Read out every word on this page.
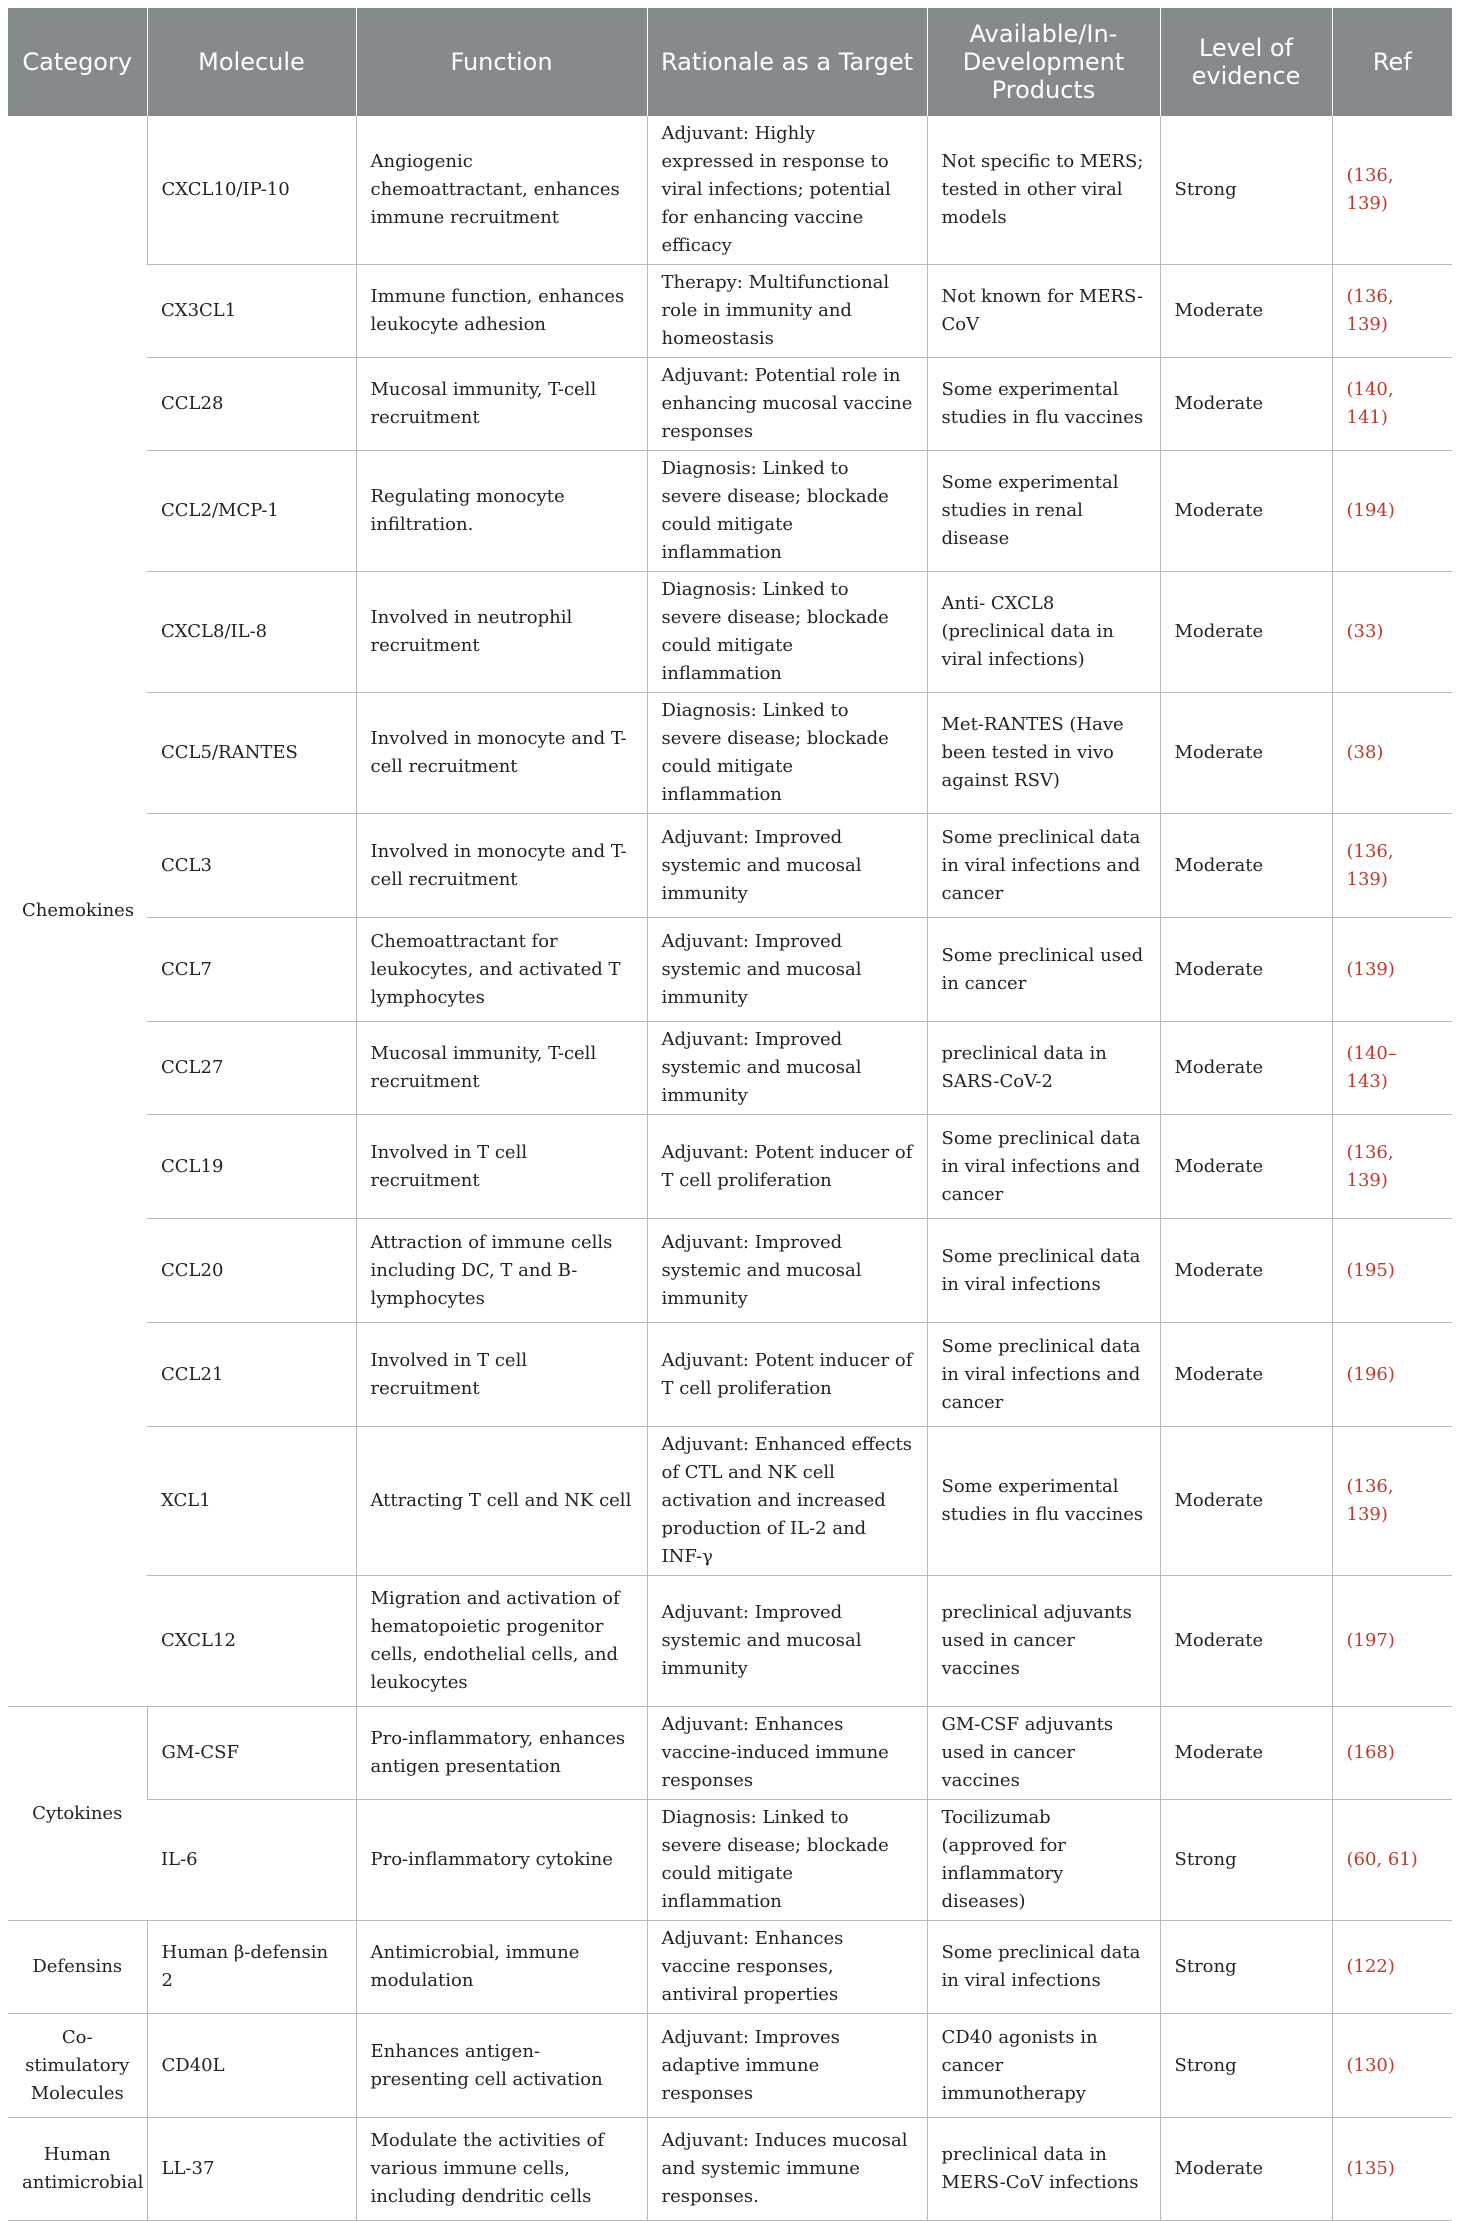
Category	Molecule	Function	Rationale as a Target	Available/In-Development Products	Level of evidence	Ref
Chemokines	CXCL10/IP-10	Angiogenic chemoattractant, enhances immune recruitment	Adjuvant: Highly expressed in response to viral infections; potential for enhancing vaccine efficacy	Not specific to MERS; tested in other viral models	Strong	(136, 139)
	CX3CL1	Immune function, enhances leukocyte adhesion	Therapy: Multifunctional role in immunity and homeostasis	Not known for MERS-CoV	Moderate	(136, 139)
	CCL28	Mucosal immunity, T-cell recruitment	Adjuvant: Potential role in enhancing mucosal vaccine responses	Some experimental studies in flu vaccines	Moderate	(140, 141)
	CCL2/MCP-1	Regulating monocyte infiltration.	Diagnosis: Linked to severe disease; blockade could mitigate inflammation	Some experimental studies in renal disease	Moderate	(194)
	CXCL8/IL-8	Involved in neutrophil recruitment	Diagnosis: Linked to severe disease; blockade could mitigate inflammation	Anti- CXCL8 (preclinical data in viral infections)	Moderate	(33)
	CCL5/RANTES	Involved in monocyte and T-cell recruitment	Diagnosis: Linked to severe disease; blockade could mitigate inflammation	Met-RANTES (Have been tested in vivo against RSV)	Moderate	(38)
	CCL3	Involved in monocyte and T-cell recruitment	Adjuvant: Improved systemic and mucosal immunity	Some preclinical data in viral infections and cancer	Moderate	(136, 139)
	CCL7	Chemoattractant for leukocytes, and activated T lymphocytes	Adjuvant: Improved systemic and mucosal immunity	Some preclinical used in cancer	Moderate	(139)
	CCL27	Mucosal immunity, T-cell recruitment	Adjuvant: Improved systemic and mucosal immunity	preclinical data in SARS-CoV-2	Moderate	(140–143)
	CCL19	Involved in T cell recruitment	Adjuvant: Potent inducer of T cell proliferation	Some preclinical data in viral infections and cancer	Moderate	(136, 139)
	CCL20	Attraction of immune cells including DC, T and B-lymphocytes	Adjuvant: Improved systemic and mucosal immunity	Some preclinical data in viral infections	Moderate	(195)
	CCL21	Involved in T cell recruitment	Adjuvant: Potent inducer of T cell proliferation	Some preclinical data in viral infections and cancer	Moderate	(196)
	XCL1	Attracting T cell and NK cell	Adjuvant: Enhanced effects of CTL and NK cell activation and increased production of IL-2 and INF-γ	Some experimental studies in flu vaccines	Moderate	(136, 139)
	CXCL12	Migration and activation of hematopoietic progenitor cells, endothelial cells, and leukocytes	Adjuvant: Improved systemic and mucosal immunity	preclinical adjuvants used in cancer vaccines	Moderate	(197)
Cytokines	GM-CSF	Pro-inflammatory, enhances antigen presentation	Adjuvant: Enhances vaccine-induced immune responses	GM-CSF adjuvants used in cancer vaccines	Moderate	(168)
	IL-6	Pro-inflammatory cytokine	Diagnosis: Linked to severe disease; blockade could mitigate inflammation	Tocilizumab (approved for inflammatory diseases)	Strong	(60, 61)
Defensins	Human β-defensin 2	Antimicrobial, immune modulation	Adjuvant: Enhances vaccine responses, antiviral properties	Some preclinical data in viral infections	Strong	(122)
Co-stimulatory Molecules	CD40L	Enhances antigen-presenting cell activation	Adjuvant: Improves adaptive immune responses	CD40 agonists in cancer immunotherapy	Strong	(130)
Human antimicrobial	LL-37	Modulate the activities of various immune cells, including dendritic cells	Adjuvant: Induces mucosal and systemic immune responses.	preclinical data in MERS-CoV infections	Moderate	(135)
